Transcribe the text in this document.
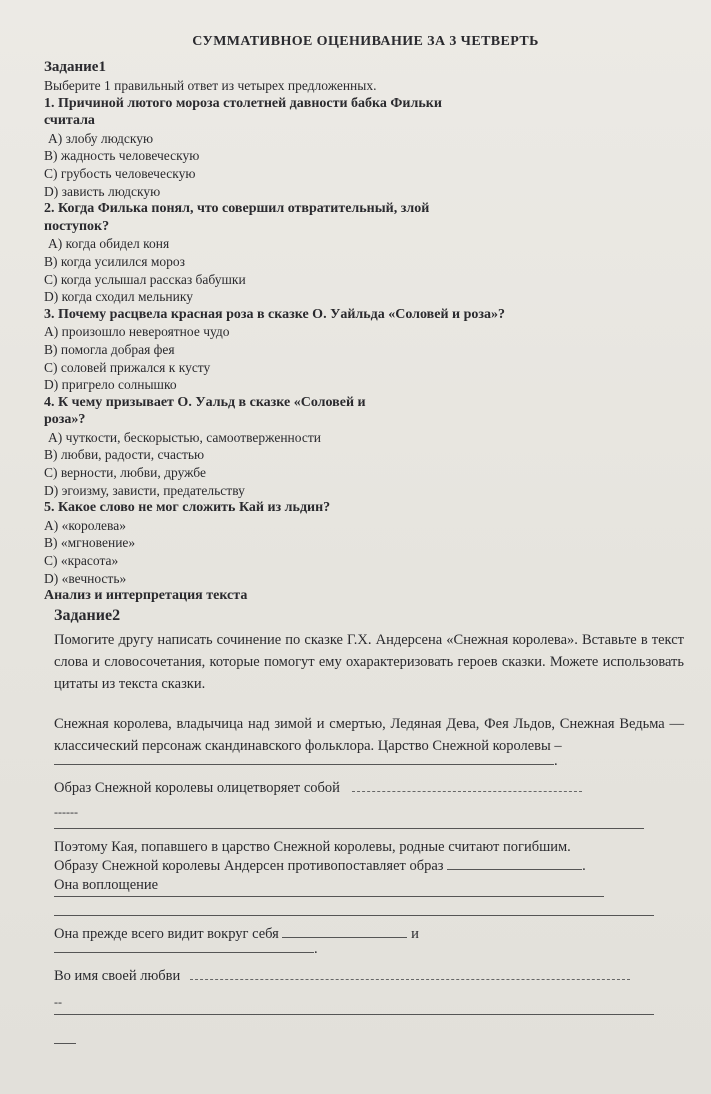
СУММАТИВНОЕ ОЦЕНИВАНИЕ ЗА 3 ЧЕТВЕРТЬ
Задание1
Выберите 1 правильный ответ из четырех предложенных.
1. Причиной лютого мороза столетней давности бабка Фильки
считала
А) злобу людскую
В) жадность человеческую
С) грубость человеческую
D) зависть людскую
2. Когда Филька понял, что совершил отвратительный, злой
поступок?
А) когда обидел коня
В) когда усилился мороз
С) когда услышал рассказ бабушки
D) когда сходил мельнику
3. Почему расцвела красная роза в сказке О. Уайльда «Соловей и роза»?
А) произошло невероятное чудо
В) помогла добрая фея
С) соловей прижался к кусту
D) пригрело солнышко
4. К чему призывает О. Уальд в сказке «Соловей и
роза»?
А) чуткости, бескорыстью, самоотверженности
В) любви, радости, счастью
С) верности, любви, дружбе
D) эгоизму, зависти, предательству
5. Какое слово не мог сложить Кай из льдин?
А) «королева»
В) «мгновение»
С) «красота»
D) «вечность»
Анализ и интерпретация текста
Задание2
Помогите другу написать сочинение по сказке Г.Х. Андерсена «Снежная королева». Вставьте в текст слова и словосочетания, которые помогут ему охарактеризовать героев сказки. Можете использовать цитаты из текста сказки.
Снежная королева, владычица над зимой и смертью, Ледяная Дева, Фея Льдов, Снежная Ведьма — классический персонаж скандинавского фольклора. Царство Снежной королевы –
.
Образ Снежной королевы олицетворяет собой
------
Поэтому Кая, попавшего в царство Снежной королевы, родные считают погибшим.
Образу Снежной королевы Андерсен противопоставляет образ	.
Она воплощение
Она прежде всего видит вокруг себя	и
.
Во имя своей любви
--
